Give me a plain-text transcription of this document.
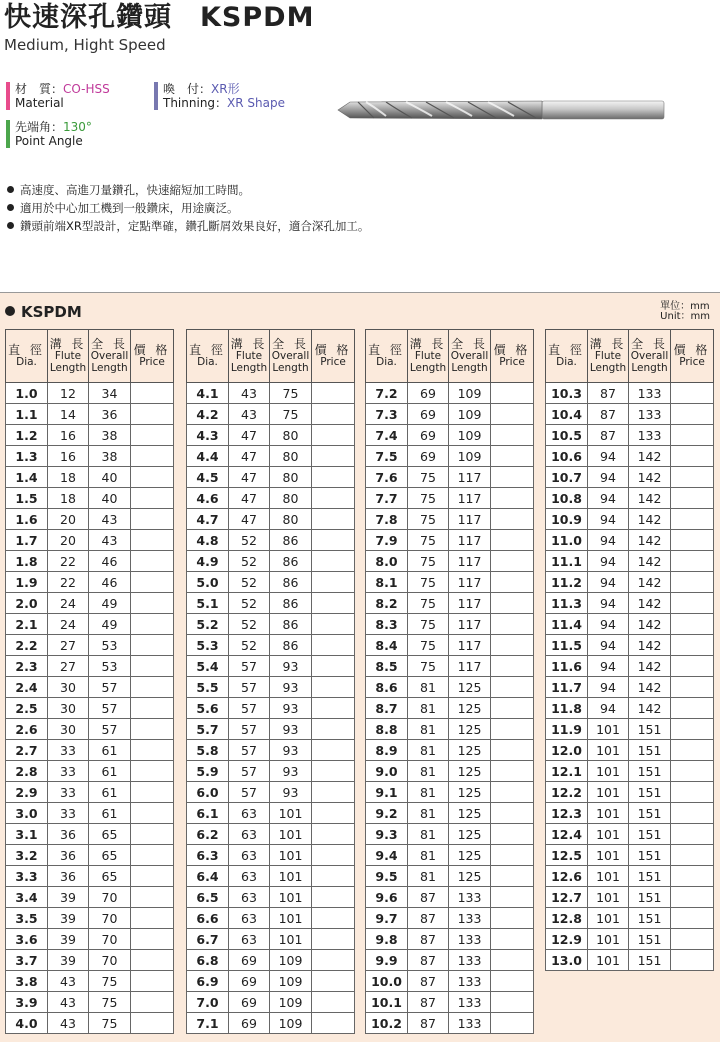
快速深孔鑽頭　KSPDM
Medium, Hight Speed
材　質：CO-HSS
Material
喚　付：XR形
Thinning：XR Shape
先端角：130°
Point Angle
高速度、高進刀量鑽孔，快速縮短加工時間。
適用於中心加工機到一般鑽床，用途廣泛。
鑽頭前端XR型設計，定點準確，鑽孔斷屑效果良好，適合深孔加工。
KSPDM	單位：mm
Unit：mm
直 徑
Dia.	溝 長
Flute Length	全 長
Overall Length	價 格
Price
1.0	12	34	
1.1	14	36	
1.2	16	38	
1.3	16	38	
1.4	18	40	
1.5	18	40	
1.6	20	43	
1.7	20	43	
1.8	22	46	
1.9	22	46	
2.0	24	49	
2.1	24	49	
2.2	27	53	
2.3	27	53	
2.4	30	57	
2.5	30	57	
2.6	30	57	
2.7	33	61	
2.8	33	61	
2.9	33	61	
3.0	33	61	
3.1	36	65	
3.2	36	65	
3.3	36	65	
3.4	39	70	
3.5	39	70	
3.6	39	70	
3.7	39	70	
3.8	43	75	
3.9	43	75	
4.0	43	75	
直 徑
Dia.	溝 長
Flute Length	全 長
Overall Length	價 格
Price
4.1	43	75	
4.2	43	75	
4.3	47	80	
4.4	47	80	
4.5	47	80	
4.6	47	80	
4.7	47	80	
4.8	52	86	
4.9	52	86	
5.0	52	86	
5.1	52	86	
5.2	52	86	
5.3	52	86	
5.4	57	93	
5.5	57	93	
5.6	57	93	
5.7	57	93	
5.8	57	93	
5.9	57	93	
6.0	57	93	
6.1	63	101	
6.2	63	101	
6.3	63	101	
6.4	63	101	
6.5	63	101	
6.6	63	101	
6.7	63	101	
6.8	69	109	
6.9	69	109	
7.0	69	109	
7.1	69	109	
直 徑
Dia.	溝 長
Flute Length	全 長
Overall Length	價 格
Price
7.2	69	109	
7.3	69	109	
7.4	69	109	
7.5	69	109	
7.6	75	117	
7.7	75	117	
7.8	75	117	
7.9	75	117	
8.0	75	117	
8.1	75	117	
8.2	75	117	
8.3	75	117	
8.4	75	117	
8.5	75	117	
8.6	81	125	
8.7	81	125	
8.8	81	125	
8.9	81	125	
9.0	81	125	
9.1	81	125	
9.2	81	125	
9.3	81	125	
9.4	81	125	
9.5	81	125	
9.6	87	133	
9.7	87	133	
9.8	87	133	
9.9	87	133	
10.0	87	133	
10.1	87	133	
10.2	87	133	
直 徑
Dia.	溝 長
Flute Length	全 長
Overall Length	價 格
Price
10.3	87	133	
10.4	87	133	
10.5	87	133	
10.6	94	142	
10.7	94	142	
10.8	94	142	
10.9	94	142	
11.0	94	142	
11.1	94	142	
11.2	94	142	
11.3	94	142	
11.4	94	142	
11.5	94	142	
11.6	94	142	
11.7	94	142	
11.8	94	142	
11.9	101	151	
12.0	101	151	
12.1	101	151	
12.2	101	151	
12.3	101	151	
12.4	101	151	
12.5	101	151	
12.6	101	151	
12.7	101	151	
12.8	101	151	
12.9	101	151	
13.0	101	151	
